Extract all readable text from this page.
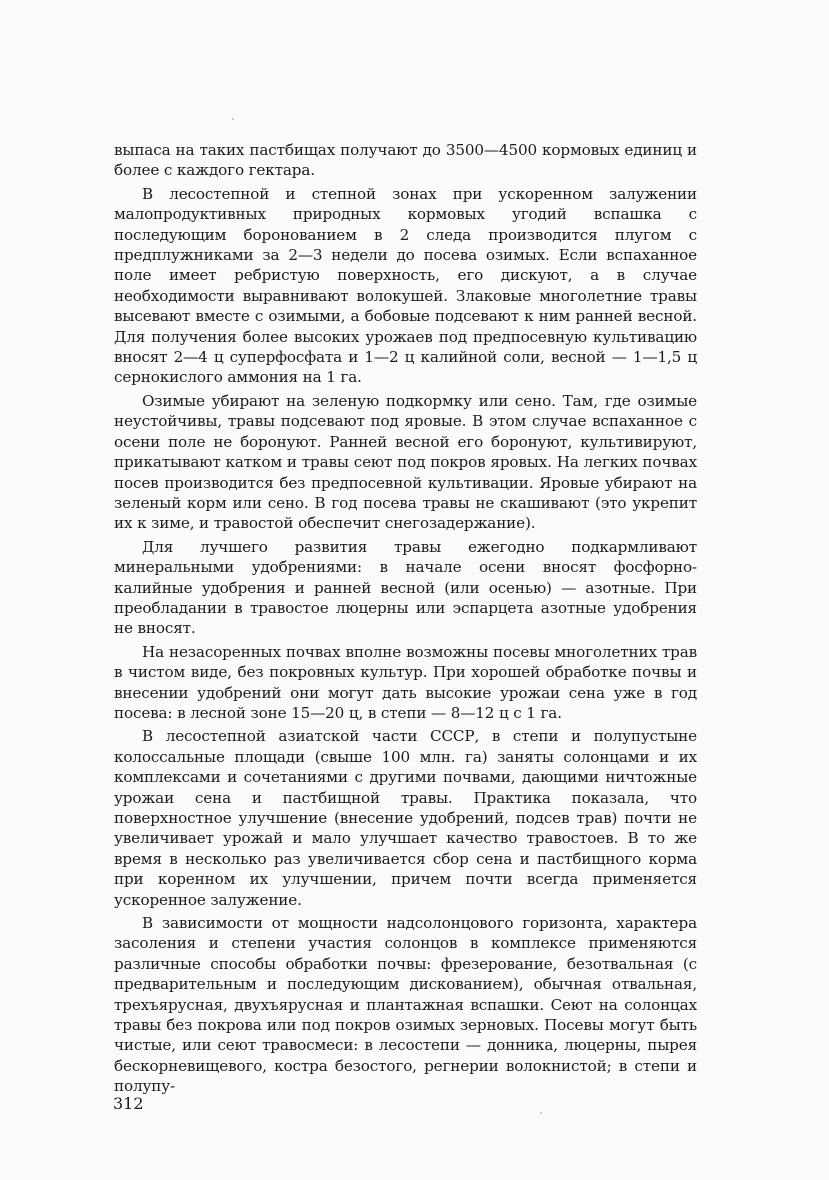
выпаса на таких пастбищах получают до 3500—4500 кормовых единиц и более с каждого гектара.

В лесостепной и степной зонах при ускоренном залужении малопродуктивных природных кормовых угодий вспашка с последующим боронованием в 2 следа производится плугом с предплужниками за 2—3 недели до посева озимых. Если вспаханное поле имеет ребристую поверхность, его дискуют, а в случае необходимости выравнивают волокушей. Злаковые многолетние травы высевают вместе с озимыми, а бобовые подсевают к ним ранней весной. Для получения более высоких урожаев под предпосевную культивацию вносят 2—4 ц суперфосфата и 1—2 ц калийной соли, весной — 1—1,5 ц сернокислого аммония на 1 га.

Озимые убирают на зеленую подкормку или сено. Там, где озимые неустойчивы, травы подсевают под яровые. В этом случае вспаханное с осени поле не боронуют. Ранней весной его боронуют, культивируют, прикатывают катком и травы сеют под покров яровых. На легких почвах посев производится без предпосевной культивации. Яровые убирают на зеленый корм или сено. В год посева травы не скашивают (это укрепит их к зиме, и травостой обеспечит снегозадержание).

Для лучшего развития травы ежегодно подкармливают минеральными удобрениями: в начале осени вносят фосфорно-калийные удобрения и ранней весной (или осенью) — азотные. При преобладании в травостое люцерны или эспарцета азотные удобрения не вносят.

На незасоренных почвах вполне возможны посевы многолетних трав в чистом виде, без покровных культур. При хорошей обработке почвы и внесении удобрений они могут дать высокие урожаи сена уже в год посева: в лесной зоне 15—20 ц, в степи — 8—12 ц с 1 га.

В лесостепной азиатской части СССР, в степи и полупустыне колоссальные площади (свыше 100 млн. га) заняты солонцами и их комплексами и сочетаниями с другими почвами, дающими ничтожные урожаи сена и пастбищной травы. Практика показала, что поверхностное улучшение (внесение удобрений, подсев трав) почти не увеличивает урожай и мало улучшает качество травостоев. В то же время в несколько раз увеличивается сбор сена и пастбищного корма при коренном их улучшении, причем почти всегда применяется ускоренное залужение.

В зависимости от мощности надсолонцового горизонта, характера засоления и степени участия солонцов в комплексе применяются различные способы обработки почвы: фрезерование, безотвальная (с предварительным и последующим дискованием), обычная отвальная, трехъярусная, двухъярусная и плантажная вспашки. Сеют на солонцах травы без покрова или под покров озимых зерновых. Посевы могут быть чистые, или сеют травосмеси: в лесостепи — донника, люцерны, пырея бескорневищевого, костра безостого, регнерии волокнистой; в степи и полупу-

312
